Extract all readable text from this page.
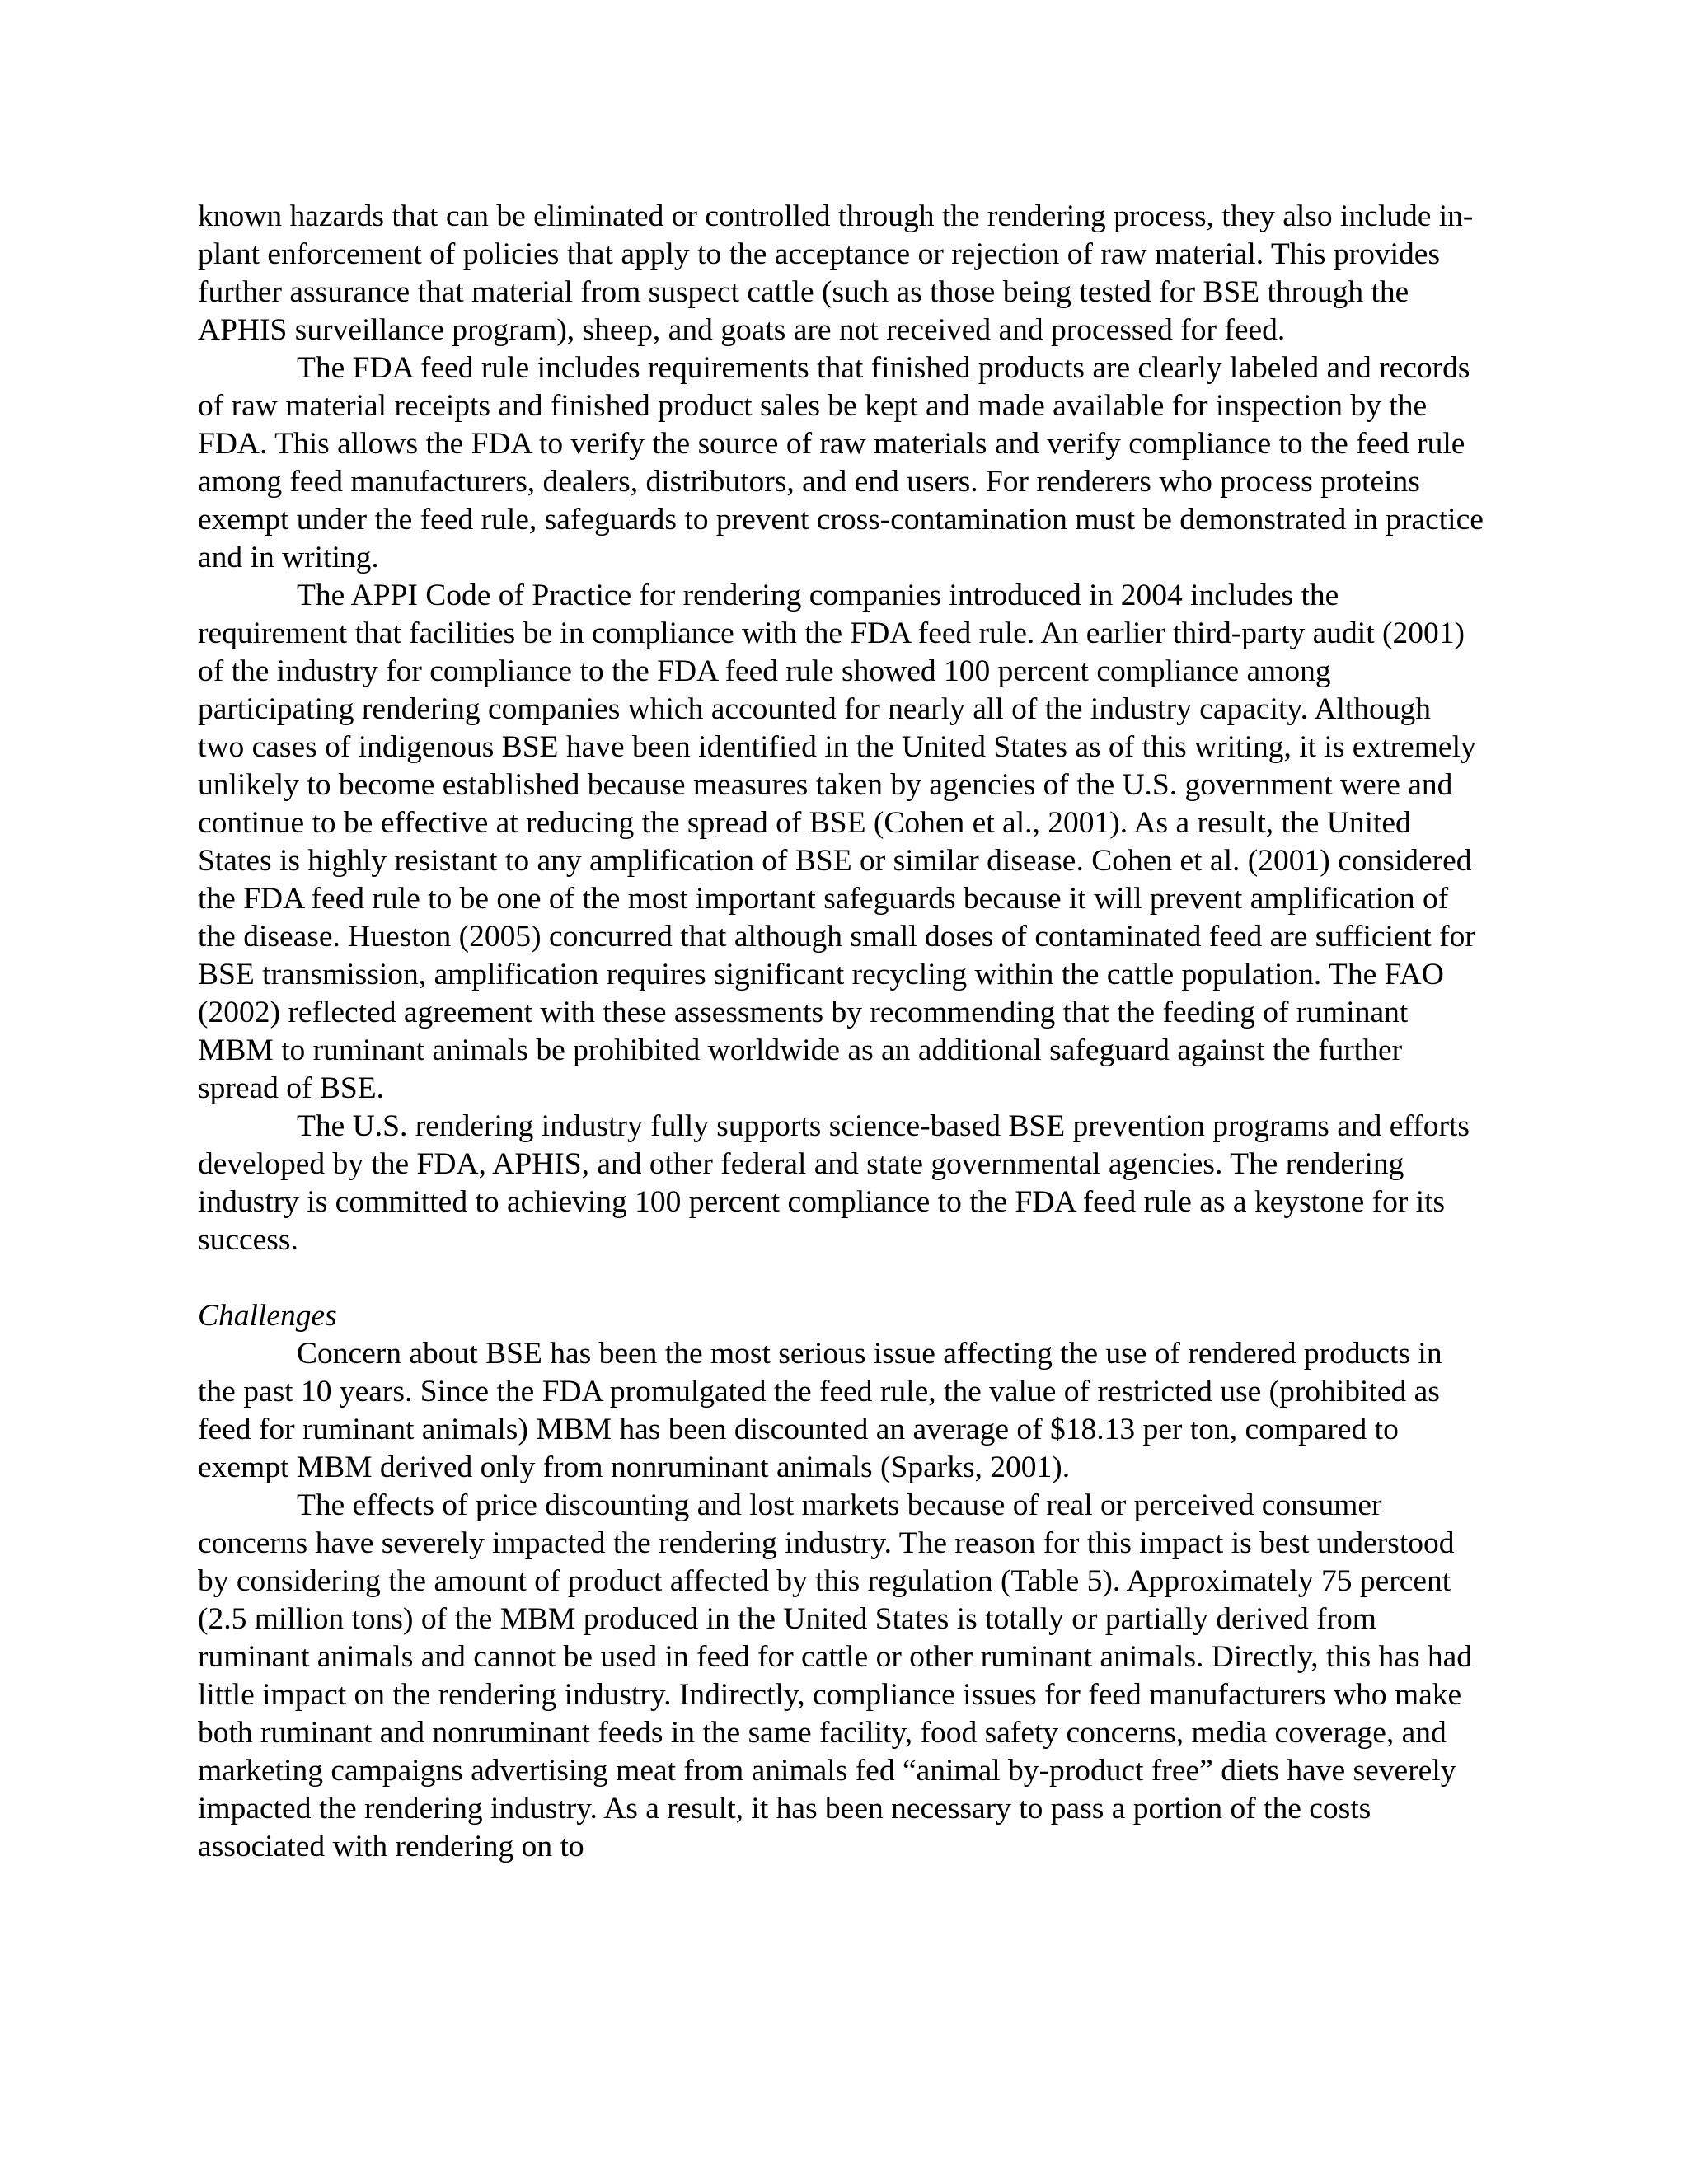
known hazards that can be eliminated or controlled through the rendering process, they also include in-plant enforcement of policies that apply to the acceptance or rejection of raw material. This provides further assurance that material from suspect cattle (such as those being tested for BSE through the APHIS surveillance program), sheep, and goats are not received and processed for feed.

The FDA feed rule includes requirements that finished products are clearly labeled and records of raw material receipts and finished product sales be kept and made available for inspection by the FDA. This allows the FDA to verify the source of raw materials and verify compliance to the feed rule among feed manufacturers, dealers, distributors, and end users. For renderers who process proteins exempt under the feed rule, safeguards to prevent cross-contamination must be demonstrated in practice and in writing.

The APPI Code of Practice for rendering companies introduced in 2004 includes the requirement that facilities be in compliance with the FDA feed rule. An earlier third-party audit (2001) of the industry for compliance to the FDA feed rule showed 100 percent compliance among participating rendering companies which accounted for nearly all of the industry capacity. Although two cases of indigenous BSE have been identified in the United States as of this writing, it is extremely unlikely to become established because measures taken by agencies of the U.S. government were and continue to be effective at reducing the spread of BSE (Cohen et al., 2001). As a result, the United States is highly resistant to any amplification of BSE or similar disease. Cohen et al. (2001) considered the FDA feed rule to be one of the most important safeguards because it will prevent amplification of the disease. Hueston (2005) concurred that although small doses of contaminated feed are sufficient for BSE transmission, amplification requires significant recycling within the cattle population. The FAO (2002) reflected agreement with these assessments by recommending that the feeding of ruminant MBM to ruminant animals be prohibited worldwide as an additional safeguard against the further spread of BSE.

The U.S. rendering industry fully supports science-based BSE prevention programs and efforts developed by the FDA, APHIS, and other federal and state governmental agencies. The rendering industry is committed to achieving 100 percent compliance to the FDA feed rule as a keystone for its success.

Challenges

Concern about BSE has been the most serious issue affecting the use of rendered products in the past 10 years. Since the FDA promulgated the feed rule, the value of restricted use (prohibited as feed for ruminant animals) MBM has been discounted an average of $18.13 per ton, compared to exempt MBM derived only from nonruminant animals (Sparks, 2001).

The effects of price discounting and lost markets because of real or perceived consumer concerns have severely impacted the rendering industry. The reason for this impact is best understood by considering the amount of product affected by this regulation (Table 5). Approximately 75 percent (2.5 million tons) of the MBM produced in the United States is totally or partially derived from ruminant animals and cannot be used in feed for cattle or other ruminant animals. Directly, this has had little impact on the rendering industry. Indirectly, compliance issues for feed manufacturers who make both ruminant and nonruminant feeds in the same facility, food safety concerns, media coverage, and marketing campaigns advertising meat from animals fed “animal by-product free” diets have severely impacted the rendering industry. As a result, it has been necessary to pass a portion of the costs associated with rendering on to
